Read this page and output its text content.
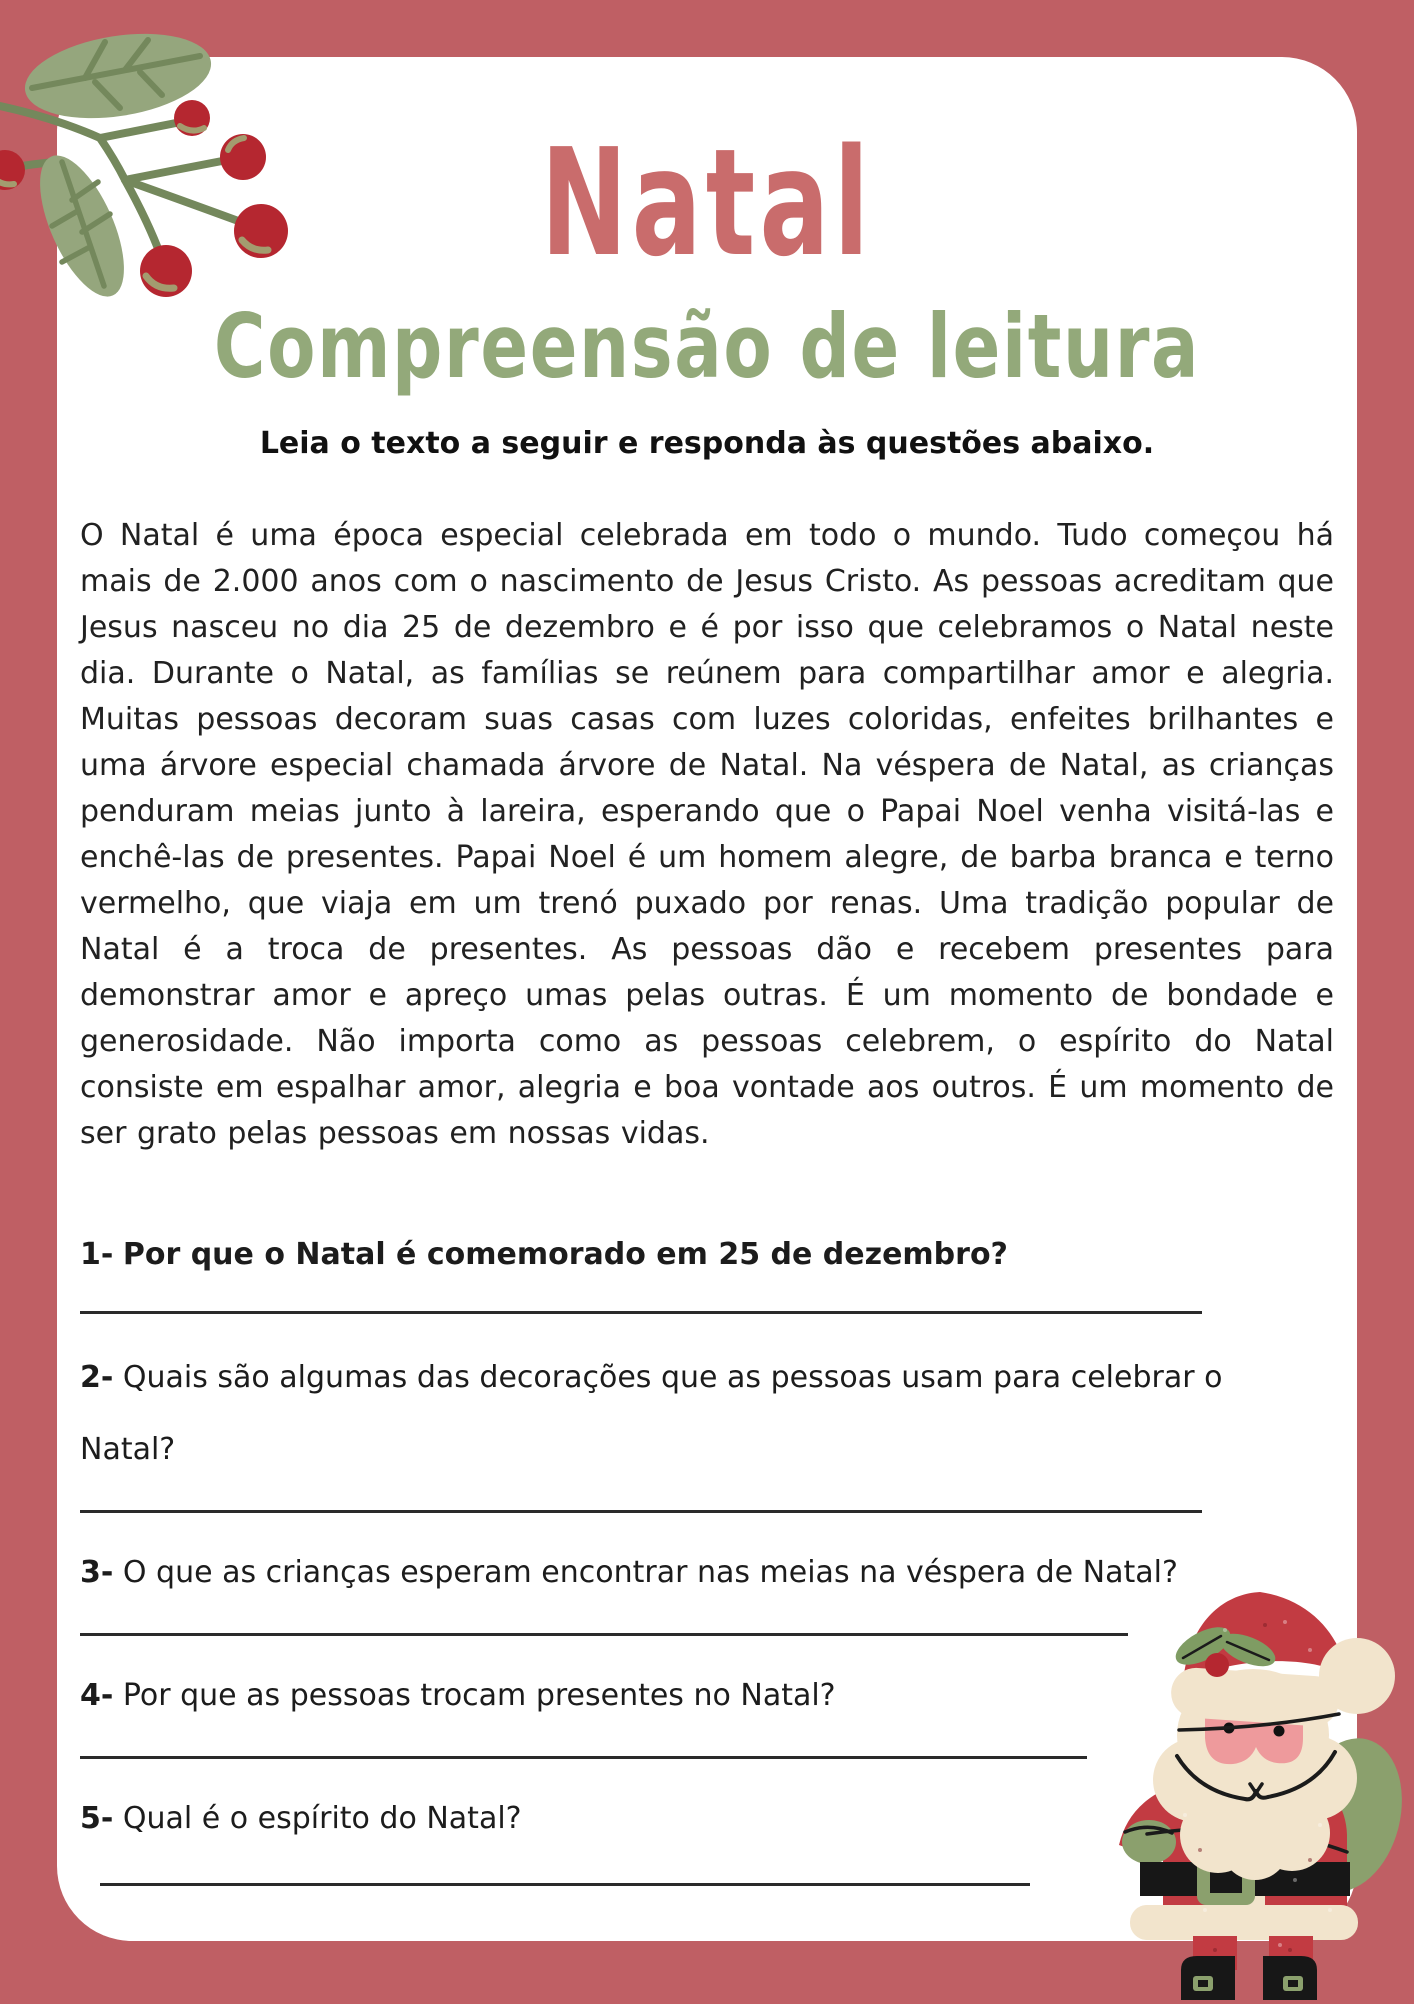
Natal
Compreensão de leitura

Leia o texto a seguir e responda às questões abaixo.

O Natal é uma época especial celebrada em todo o mundo. Tudo começou há mais de 2.000 anos com o nascimento de Jesus Cristo. As pessoas acreditam que Jesus nasceu no dia 25 de dezembro e é por isso que celebramos o Natal neste dia. Durante o Natal, as famílias se reúnem para compartilhar amor e alegria. Muitas pessoas decoram suas casas com luzes coloridas, enfeites brilhantes e uma árvore especial chamada árvore de Natal. Na véspera de Natal, as crianças penduram meias junto à lareira, esperando que o Papai Noel venha visitá-las e enchê-las de presentes. Papai Noel é um homem alegre, de barba branca e terno vermelho, que viaja em um trenó puxado por renas. Uma tradição popular de Natal é a troca de presentes. As pessoas dão e recebem presentes para demonstrar amor e apreço umas pelas outras. É um momento de bondade e generosidade. Não importa como as pessoas celebrem, o espírito do Natal consiste em espalhar amor, alegria e boa vontade aos outros. É um momento de ser grato pelas pessoas em nossas vidas.

1- Por que o Natal é comemorado em 25 de dezembro?

2- Quais são algumas das decorações que as pessoas usam para celebrar o Natal?

3- O que as crianças esperam encontrar nas meias na véspera de Natal?

4- Por que as pessoas trocam presentes no Natal?

5- Qual é o espírito do Natal?
